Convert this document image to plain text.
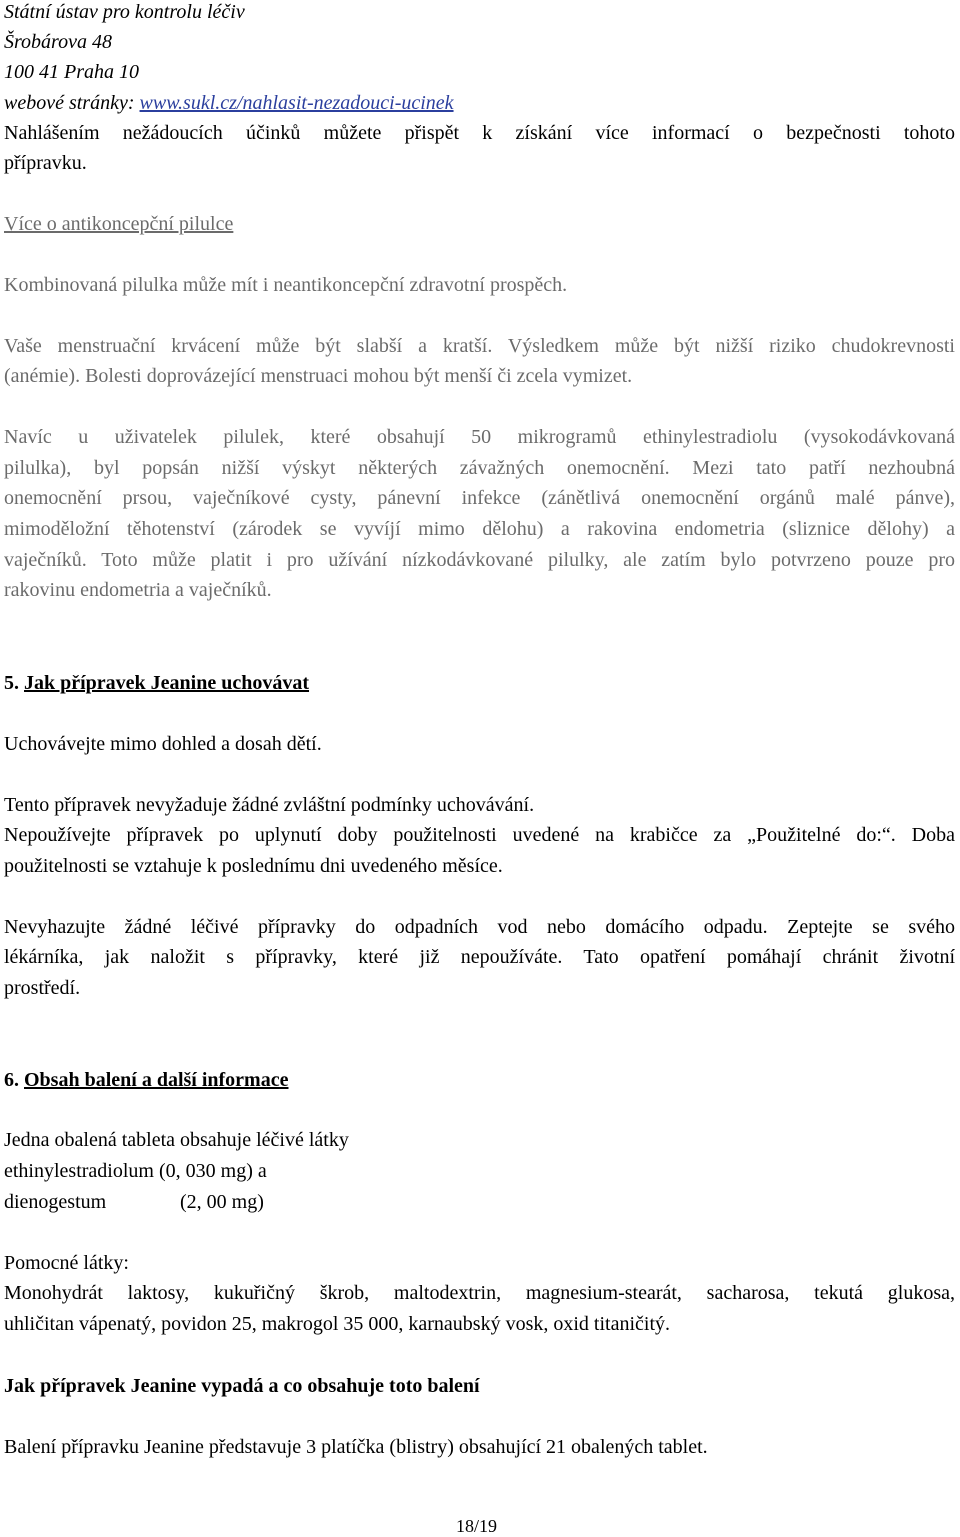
Státní ústav pro kontrolu léčiv
Šrobárova 48
100 41 Praha 10
webové stránky: www.sukl.cz/nahlasit-nezadouci-ucinek
Nahlášením nežádoucích účinků můžete přispět k získání více informací o bezpečnosti tohoto
přípravku.
Více o antikoncepční pilulce
Kombinovaná pilulka může mít i neantikoncepční zdravotní prospěch.
Vaše menstruační krvácení může být slabší a kratší. Výsledkem může být nižší riziko chudokrevnosti
(anémie). Bolesti doprovázející menstruaci mohou být menší či zcela vymizet.
Navíc u uživatelek pilulek, které obsahují 50 mikrogramů ethinylestradiolu (vysokodávkovaná
pilulka), byl popsán nižší výskyt některých závažných onemocnění. Mezi tato patří nezhoubná
onemocnění prsou, vaječníkové cysty, pánevní infekce (zánětlivá onemocnění orgánů malé pánve),
mimoděložní těhotenství (zárodek se vyvíjí mimo dělohu) a rakovina endometria (sliznice dělohy) a
vaječníků. Toto může platit i pro užívání nízkodávkované pilulky, ale zatím bylo potvrzeno pouze pro
rakovinu endometria a vaječníků.
5. Jak přípravek Jeanine uchovávat
Uchovávejte mimo dohled a dosah dětí.
Tento přípravek nevyžaduje žádné zvláštní podmínky uchovávání.
Nepoužívejte přípravek po uplynutí doby použitelnosti uvedené na krabičce za „Použitelné do:“. Doba
použitelnosti se vztahuje k poslednímu dni uvedeného měsíce.
Nevyhazujte žádné léčivé přípravky do odpadních vod nebo domácího odpadu. Zeptejte se svého
lékárníka, jak naložit s přípravky, které již nepoužíváte. Tato opatření pomáhají chránit životní
prostředí.
6. Obsah balení a další informace
Jedna obalená tableta obsahuje léčivé látky
ethinylestradiolum (0, 030 mg) a
dienogestum	(2, 00 mg)
Pomocné látky:
Monohydrát laktosy, kukuřičný škrob, maltodextrin, magnesium-stearát, sacharosa, tekutá glukosa,
uhličitan vápenatý, povidon 25, makrogol 35 000, karnaubský vosk, oxid titaničitý.
Jak přípravek Jeanine vypadá a co obsahuje toto balení
Balení přípravku Jeanine představuje 3 platíčka (blistry) obsahující 21 obalených tablet.
18/19
